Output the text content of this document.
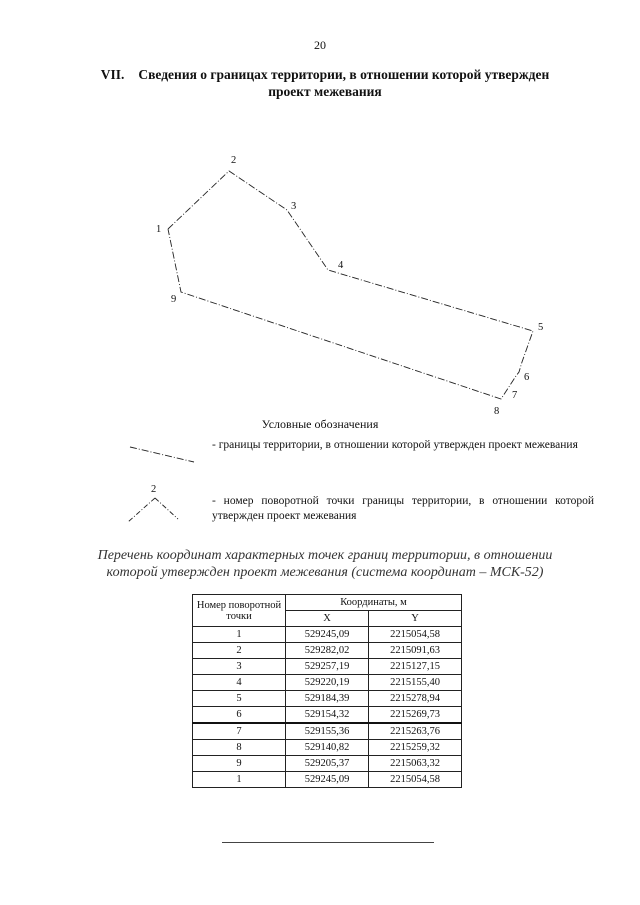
20
VII. Сведения о границах территории, в отношении которой утвержден
проект межевания
1
2
3
4
5
6
7
8
9
2
Условные обозначения
- границы территории, в отношении которой утвержден проект межевания
- номер поворотной точки границы территории, в отношении которой утвержден проект межевания
Перечень координат характерных точек границ территории, в отношении
которой утвержден проект межевания (система координат – МСК-52)
Номер поворотной точки	Координаты, м	
	X	Y
1	529245,09	2215054,58
2	529282,02	2215091,63
3	529257,19	2215127,15
4	529220,19	2215155,40
5	529184,39	2215278,94
6	529154,32	2215269,73
7	529155,36	2215263,76
8	529140,82	2215259,32
9	529205,37	2215063,32
1	529245,09	2215054,58
